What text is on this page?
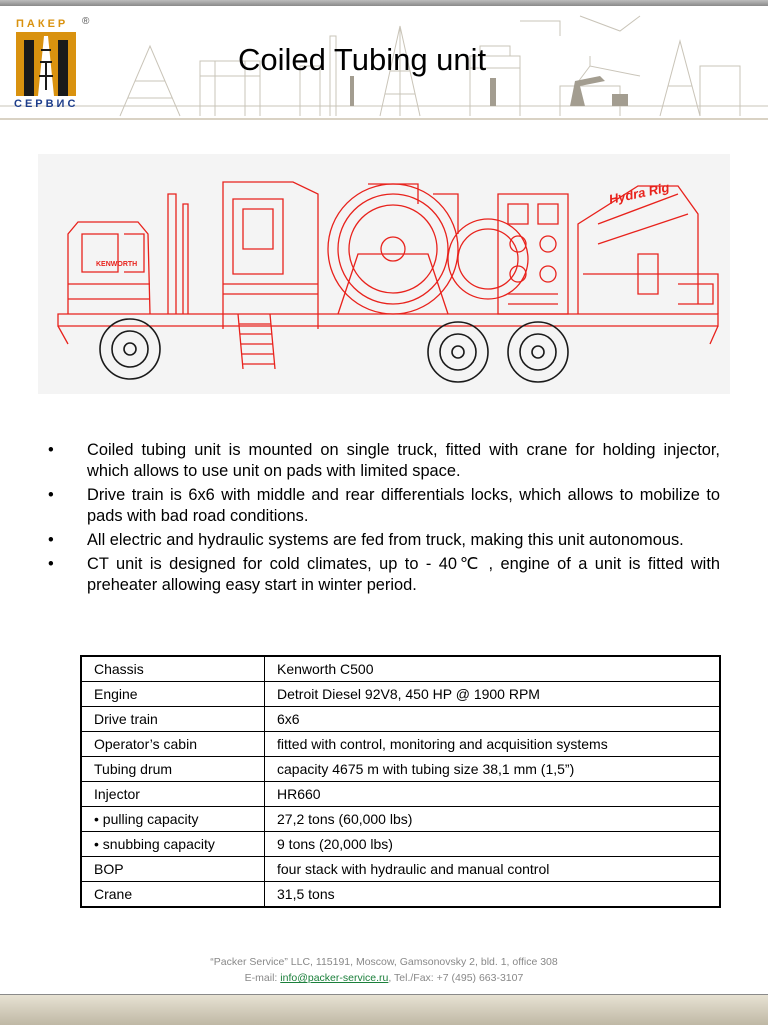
ПАКЕР ®
СЕРВИС
Coiled Tubing unit
KENWORTH
Hydra Rig
• Coiled tubing unit is mounted on single truck, fitted with crane for holding injector, which allows to use unit on pads with limited space.
• Drive train is 6x6 with middle and rear differentials locks, which allows to mobilize to pads with bad road conditions.
• All electric and hydraulic systems are fed from truck, making this unit autonomous.
• CT unit is designed for cold climates, up to - 40℃ , engine of a unit is fitted with preheater allowing easy start in winter period.
Chassis	Kenworth C500
Engine	Detroit Diesel 92V8, 450 HP @ 1900 RPM
Drive train	6x6
Operator’s cabin	fitted with control, monitoring and acquisition systems
Tubing drum	capacity 4675 m with tubing size 38,1 mm (1,5”)
Injector	HR660
• pulling capacity	27,2 tons (60,000 lbs)
• snubbing capacity	9 tons (20,000 lbs)
BOP	four stack with hydraulic and manual control
Crane	31,5 tons
“Packer Service” LLC, 115191, Moscow, Gamsonovsky 2, bld. 1, office 308
E-mail: info@packer-service.ru, Tel./Fax: +7 (495) 663-3107
